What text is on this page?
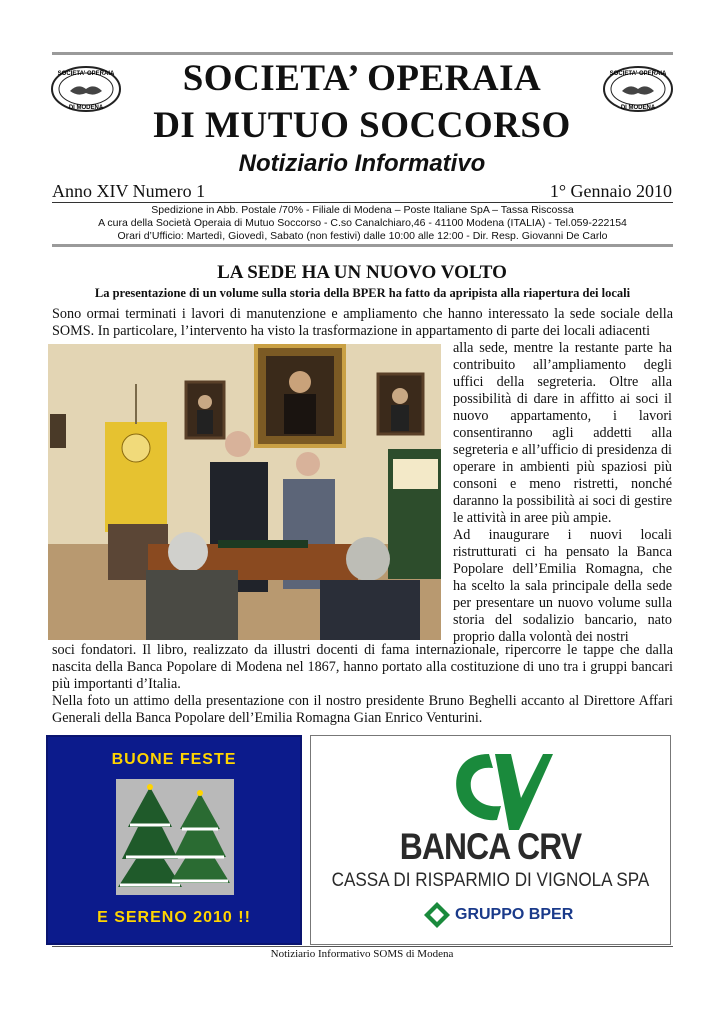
SOCIETA' OPERAIA
DI MODENA
SOCIETA' OPERAIA
DI MODENA
SOCIETA’ OPERAIA
DI MUTUO SOCCORSO
Notiziario Informativo
Anno XIV Numero 1	1° Gennaio 2010
Spedizione in Abb. Postale /70% - Filiale di Modena – Poste Italiane SpA – Tassa Riscossa
A cura della Società Operaia di Mutuo Soccorso - C.so Canalchiaro,46 - 41100 Modena (ITALIA) - Tel.059-222154
Orari d’Ufficio: Martedì, Giovedì, Sabato (non festivi) dalle 10:00 alle 12:00 - Dir. Resp. Giovanni De Carlo
LA SEDE HA UN NUOVO VOLTO
La presentazione di un volume sulla storia della BPER ha fatto da apripista alla riapertura dei locali
Sono ormai terminati i lavori di manutenzione e ampliamento che hanno interessato la sede sociale della SOMS. In particolare, l’intervento ha visto la trasformazione in appartamento di parte dei locali adiacenti
alla sede, mentre la restante parte ha contribuito all’ampliamento degli uffici della segreteria. Oltre alla possibilità di dare in affitto ai soci il nuovo appartamento, i lavori consentiranno agli addetti alla segreteria e all’ufficio di presidenza di operare in ambienti più spaziosi più consoni e meno ristretti, nonché daranno la possibilità ai soci di gestire le attività in aree più ampie.
Ad inaugurare i nuovi locali ristrutturati ci ha pensato la Banca Popolare dell’Emilia Romagna, che ha scelto la sala principale della sede per presentare un nuovo volume sulla storia del sodalizio bancario, nato proprio dalla volontà dei nostri
soci fondatori. Il libro, realizzato da illustri docenti di fama internazionale, ripercorre le tappe che dalla nascita della Banca Popolare di Modena nel 1867, hanno portato alla costituzione di uno tra i gruppi bancari più importanti d’Italia.
Nella foto un attimo della presentazione con il nostro presidente Bruno Beghelli accanto al Direttore Affari Generali della Banca Popolare dell’Emilia Romagna Gian Enrico Venturini.
BUONE FESTE
E SERENO 2010 !!
BANCA CRV
CASSA DI RISPARMIO DI VIGNOLA SPA
GRUPPO BPER
Notiziario Informativo SOMS di Modena
